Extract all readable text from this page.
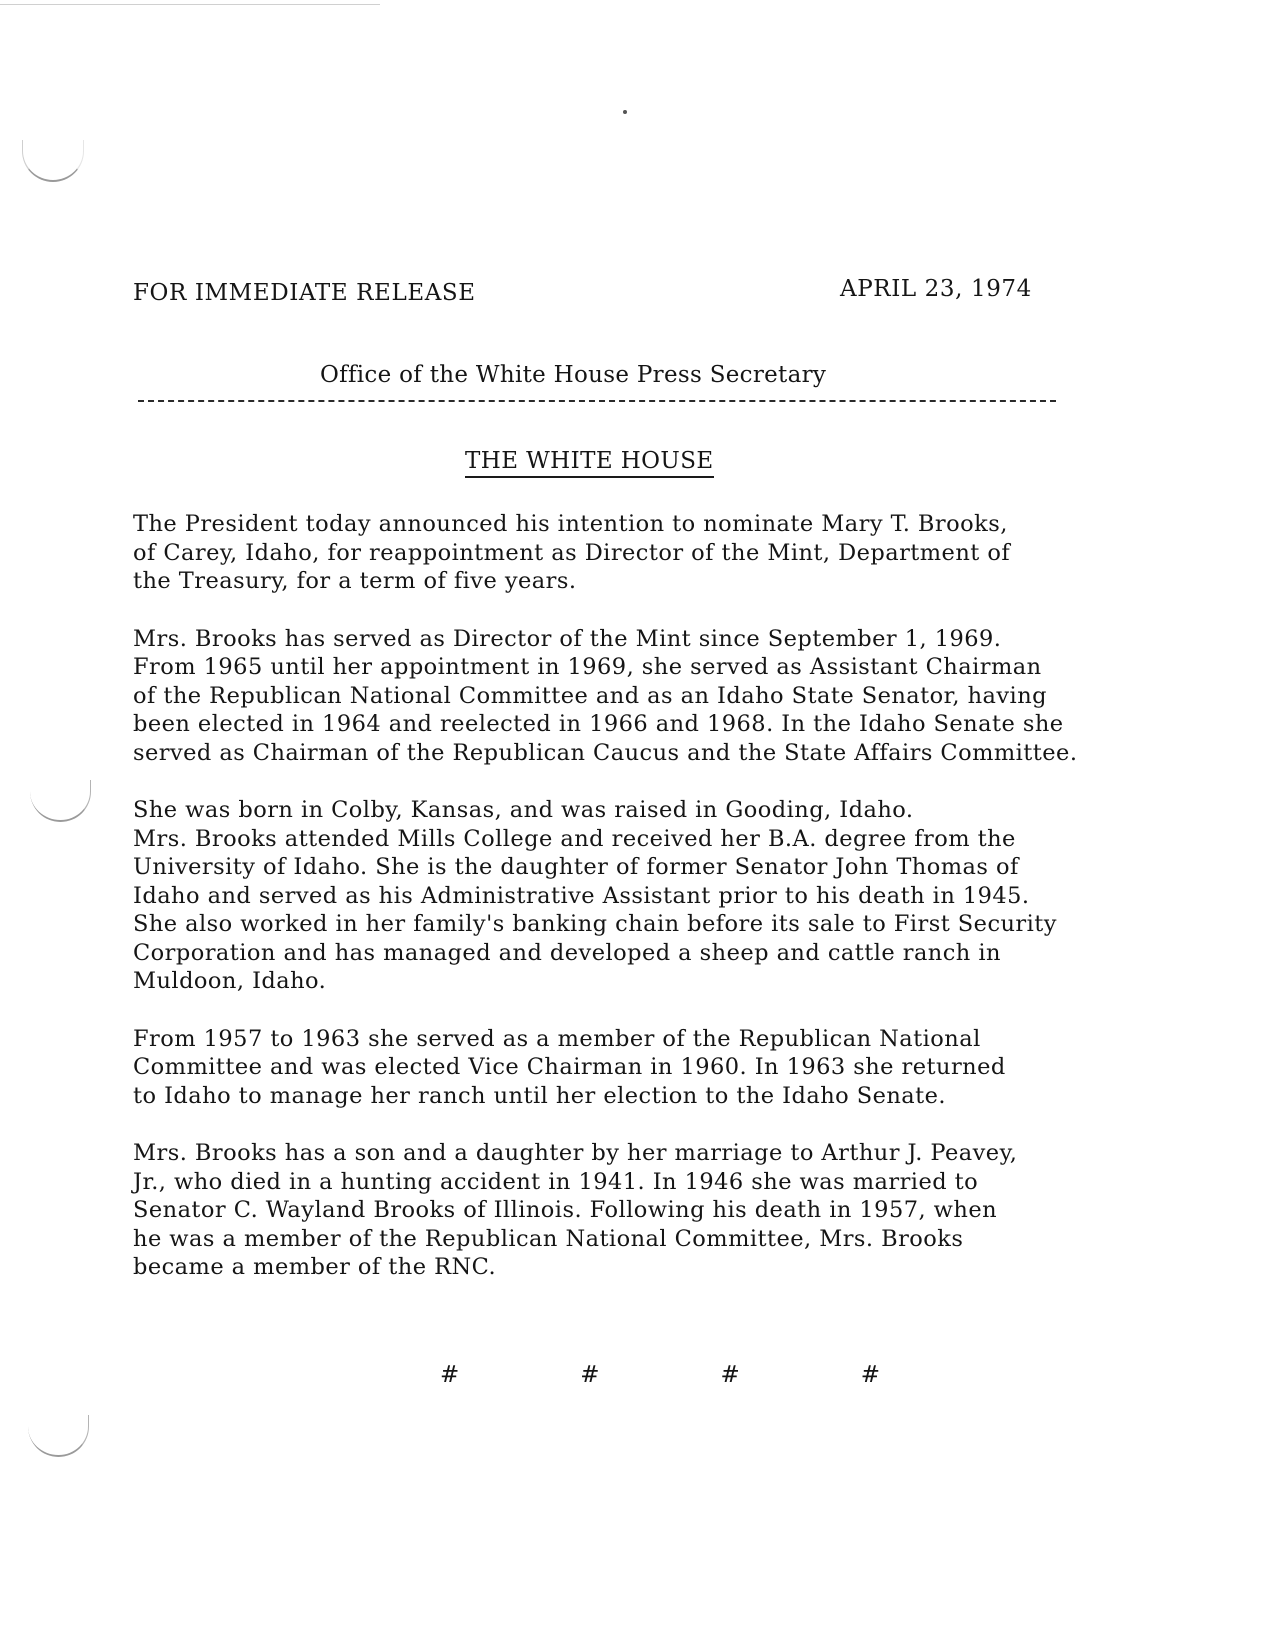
FOR IMMEDIATE RELEASE	APRIL 23, 1974
Office of the White House Press Secretary
THE WHITE HOUSE
The President today announced his intention to nominate Mary T. Brooks,
of Carey, Idaho, for reappointment as Director of the Mint, Department of
the Treasury, for a term of five years.
Mrs. Brooks has served as Director of the Mint since September 1, 1969.
From 1965 until her appointment in 1969, she served as Assistant Chairman
of the Republican National Committee and as an Idaho State Senator, having
been elected in 1964 and reelected in 1966 and 1968. In the Idaho Senate she
served as Chairman of the Republican Caucus and the State Affairs Committee.
She was born in Colby, Kansas, and was raised in Gooding, Idaho.
Mrs. Brooks attended Mills College and received her B.A. degree from the
University of Idaho. She is the daughter of former Senator John Thomas of
Idaho and served as his Administrative Assistant prior to his death in 1945.
She also worked in her family's banking chain before its sale to First Security
Corporation and has managed and developed a sheep and cattle ranch in
Muldoon, Idaho.
From 1957 to 1963 she served as a member of the Republican National
Committee and was elected Vice Chairman in 1960. In 1963 she returned
to Idaho to manage her ranch until her election to the Idaho Senate.
Mrs. Brooks has a son and a daughter by her marriage to Arthur J. Peavey,
Jr., who died in a hunting accident in 1941. In 1946 she was married to
Senator C. Wayland Brooks of Illinois. Following his death in 1957, when
he was a member of the Republican National Committee, Mrs. Brooks
became a member of the RNC.
#	#	#	#
